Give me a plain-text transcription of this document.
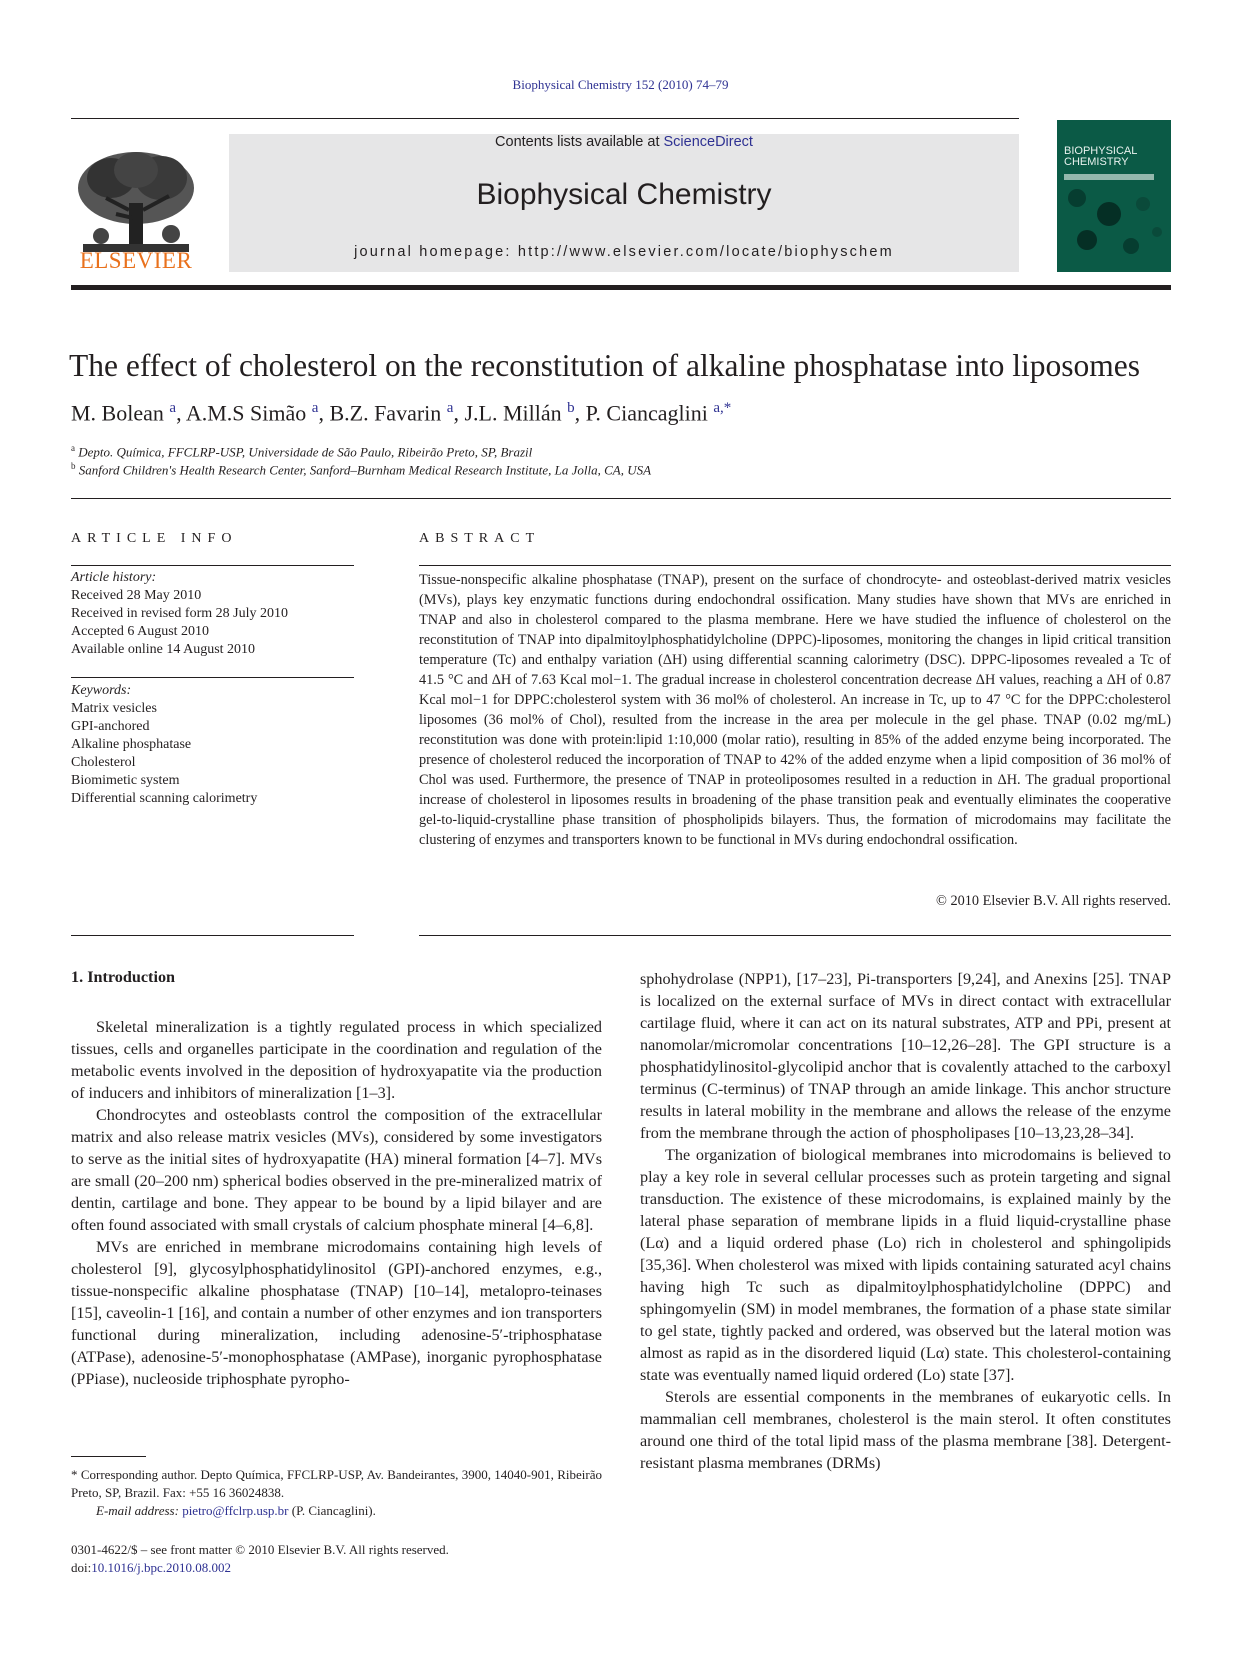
Biophysical Chemistry 152 (2010) 74–79
ELSEVIER
Contents lists available at ScienceDirect
Biophysical Chemistry
journal homepage: http://www.elsevier.com/locate/biophyschem
BIOPHYSICAL CHEMISTRY
The effect of cholesterol on the reconstitution of alkaline phosphatase into liposomes
M. Bolean $^a$, A.M.S Simão $^a$, B.Z. Favarin $^a$, J.L. Millán $^b$, P. Ciancaglini $^{a,*}$
$^a$ Depto. Química, FFCLRP-USP, Universidade de São Paulo, Ribeirão Preto, SP, Brazil
$^b$ Sanford Children's Health Research Center, Sanford–Burnham Medical Research Institute, La Jolla, CA, USA
ARTICLE INFO	ABSTRACT
Article history:
Received 28 May 2010
Received in revised form 28 July 2010
Accepted 6 August 2010
Available online 14 August 2010
Keywords:
Matrix vesicles
GPI-anchored
Alkaline phosphatase
Cholesterol
Biomimetic system
Differential scanning calorimetry
Tissue-nonspecific alkaline phosphatase (TNAP), present on the surface of chondrocyte- and osteoblast-derived matrix vesicles (MVs), plays key enzymatic functions during endochondral ossification. Many studies have shown that MVs are enriched in TNAP and also in cholesterol compared to the plasma membrane. Here we have studied the influence of cholesterol on the reconstitution of TNAP into dipalmitoylphosphatidylcholine (DPPC)-liposomes, monitoring the changes in lipid critical transition temperature (Tc) and enthalpy variation (ΔH) using differential scanning calorimetry (DSC). DPPC-liposomes revealed a Tc of 41.5 °C and ΔH of 7.63 Kcal mol−1. The gradual increase in cholesterol concentration decrease ΔH values, reaching a ΔH of 0.87 Kcal mol−1 for DPPC:cholesterol system with 36 mol% of cholesterol. An increase in Tc, up to 47 °C for the DPPC:cholesterol liposomes (36 mol% of Chol), resulted from the increase in the area per molecule in the gel phase. TNAP (0.02 mg/mL) reconstitution was done with protein:lipid 1:10,000 (molar ratio), resulting in 85% of the added enzyme being incorporated. The presence of cholesterol reduced the incorporation of TNAP to 42% of the added enzyme when a lipid composition of 36 mol% of Chol was used. Furthermore, the presence of TNAP in proteoliposomes resulted in a reduction in ΔH. The gradual proportional increase of cholesterol in liposomes results in broadening of the phase transition peak and eventually eliminates the cooperative gel-to-liquid-crystalline phase transition of phospholipids bilayers. Thus, the formation of microdomains may facilitate the clustering of enzymes and transporters known to be functional in MVs during endochondral ossification.
© 2010 Elsevier B.V. All rights reserved.
1. Introduction

Skeletal mineralization is a tightly regulated process in which specialized tissues, cells and organelles participate in the coordination and regulation of the metabolic events involved in the deposition of hydroxyapatite via the production of inducers and inhibitors of mineralization [1–3].

Chondrocytes and osteoblasts control the composition of the extracellular matrix and also release matrix vesicles (MVs), considered by some investigators to serve as the initial sites of hydroxyapatite (HA) mineral formation [4–7]. MVs are small (20–200 nm) spherical bodies observed in the pre-mineralized matrix of dentin, cartilage and bone. They appear to be bound by a lipid bilayer and are often found associated with small crystals of calcium phosphate mineral [4–6,8].

MVs are enriched in membrane microdomains containing high levels of cholesterol [9], glycosylphosphatidylinositol (GPI)-anchored enzymes, e.g., tissue-nonspecific alkaline phosphatase (TNAP) [10–14], metalopro-teinases [15], caveolin-1 [16], and contain a number of other enzymes and ion transporters functional during mineralization, including adenosine-5′-triphosphatase (ATPase), adenosine-5′-monophosphatase (AMPase), inorganic pyrophosphatase (PPiase), nucleoside triphosphate pyropho-

sphohydrolase (NPP1), [17–23], Pi-transporters [9,24], and Anexins [25]. TNAP is localized on the external surface of MVs in direct contact with extracellular cartilage fluid, where it can act on its natural substrates, ATP and PPi, present at nanomolar/micromolar concentrations [10–12,26–28]. The GPI structure is a phosphatidylinositol-glycolipid anchor that is covalently attached to the carboxyl terminus (C-terminus) of TNAP through an amide linkage. This anchor structure results in lateral mobility in the membrane and allows the release of the enzyme from the membrane through the action of phospholipases [10–13,23,28–34].

The organization of biological membranes into microdomains is believed to play a key role in several cellular processes such as protein targeting and signal transduction. The existence of these microdomains, is explained mainly by the lateral phase separation of membrane lipids in a fluid liquid-crystalline phase (Lα) and a liquid ordered phase (Lo) rich in cholesterol and sphingolipids [35,36]. When cholesterol was mixed with lipids containing saturated acyl chains having high Tc such as dipalmitoylphosphatidylcholine (DPPC) and sphingomyelin (SM) in model membranes, the formation of a phase state similar to gel state, tightly packed and ordered, was observed but the lateral motion was almost as rapid as in the disordered liquid (Lα) state. This cholesterol-containing state was eventually named liquid ordered (Lo) state [37].

Sterols are essential components in the membranes of eukaryotic cells. In mammalian cell membranes, cholesterol is the main sterol. It often constitutes around one third of the total lipid mass of the plasma membrane [38]. Detergent-resistant plasma membranes (DRMs)

* Corresponding author. Depto Química, FFCLRP-USP, Av. Bandeirantes, 3900, 14040-901, Ribeirão Preto, SP, Brazil. Fax: +55 16 36024838.
E-mail address: pietro@ffclrp.usp.br (P. Ciancaglini).
0301-4622/$ – see front matter © 2010 Elsevier B.V. All rights reserved.
doi:10.1016/j.bpc.2010.08.002
